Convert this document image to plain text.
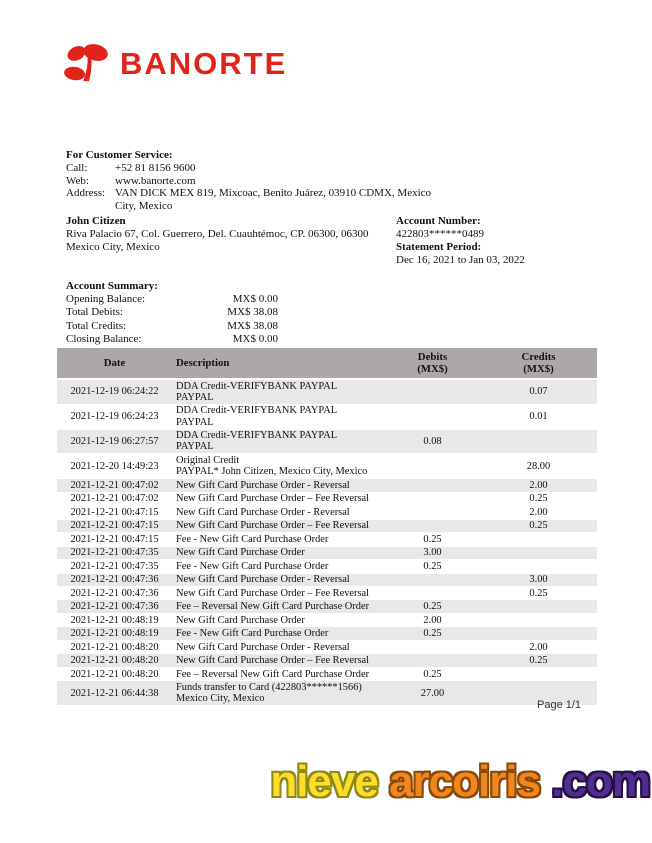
BANORTE
For Customer Service:
Call:	+52 81 8156 9600
Web:	www.banorte.com
Address: VAN DICK MEX 819, Mixcoac, Benito Juárez, 03910 CDMX, Mexico City, Mexico
John Citizen
Riva Palacio 67, Col. Guerrero, Del. Cuauhtémoc, CP. 06300, 06300 Mexico City, Mexico
Account Number:
422803******0489
Statement Period:
Dec 16, 2021 to Jan 03, 2022
Account Summary:
Opening Balance:	MX$ 0.00
Total Debits:	MX$ 38.08
Total Credits:	MX$ 38.08
Closing Balance:	MX$ 0.00
Date	Description	Debits
(MX$)

Credits
(MX$)

2021-12-19 06:24:22	DDA Credit-VERIFYBANK PAYPAL
PAYPAL		0.07
2021-12-19 06:24:23	DDA Credit-VERIFYBANK PAYPAL
PAYPAL		0.01
2021-12-19 06:27:57	DDA Credit-VERIFYBANK PAYPAL
PAYPAL	0.08	
2021-12-20 14:49:23	Original Credit
PAYPAL* John Citizen, Mexico City, Mexico		28.00
2021-12-21 00:47:02	New Gift Card Purchase Order - Reversal		2.00
2021-12-21 00:47:02	New Gift Card Purchase Order – Fee Reversal		0.25
2021-12-21 00:47:15	New Gift Card Purchase Order - Reversal		2.00
2021-12-21 00:47:15	New Gift Card Purchase Order – Fee Reversal		0.25
2021-12-21 00:47:15	Fee - New Gift Card Purchase Order	0.25	
2021-12-21 00:47:35	New Gift Card Purchase Order	3.00	
2021-12-21 00:47:35	Fee - New Gift Card Purchase Order	0.25	
2021-12-21 00:47:36	New Gift Card Purchase Order - Reversal		3.00
2021-12-21 00:47:36	New Gift Card Purchase Order – Fee Reversal		0.25
2021-12-21 00:47:36	Fee – Reversal New Gift Card Purchase Order	0.25	
2021-12-21 00:48:19	New Gift Card Purchase Order	2.00	
2021-12-21 00:48:19	Fee - New Gift Card Purchase Order	0.25	
2021-12-21 00:48:20	New Gift Card Purchase Order - Reversal		2.00
2021-12-21 00:48:20	New Gift Card Purchase Order – Fee Reversal		0.25
2021-12-21 00:48:20	Fee – Reversal New Gift Card Purchase Order	0.25	
2021-12-21 06:44:38	Funds transfer to Card (422803******1566)
Mexico City, Mexico	27.00	
Page 1/1
nieve arcoiris .com
